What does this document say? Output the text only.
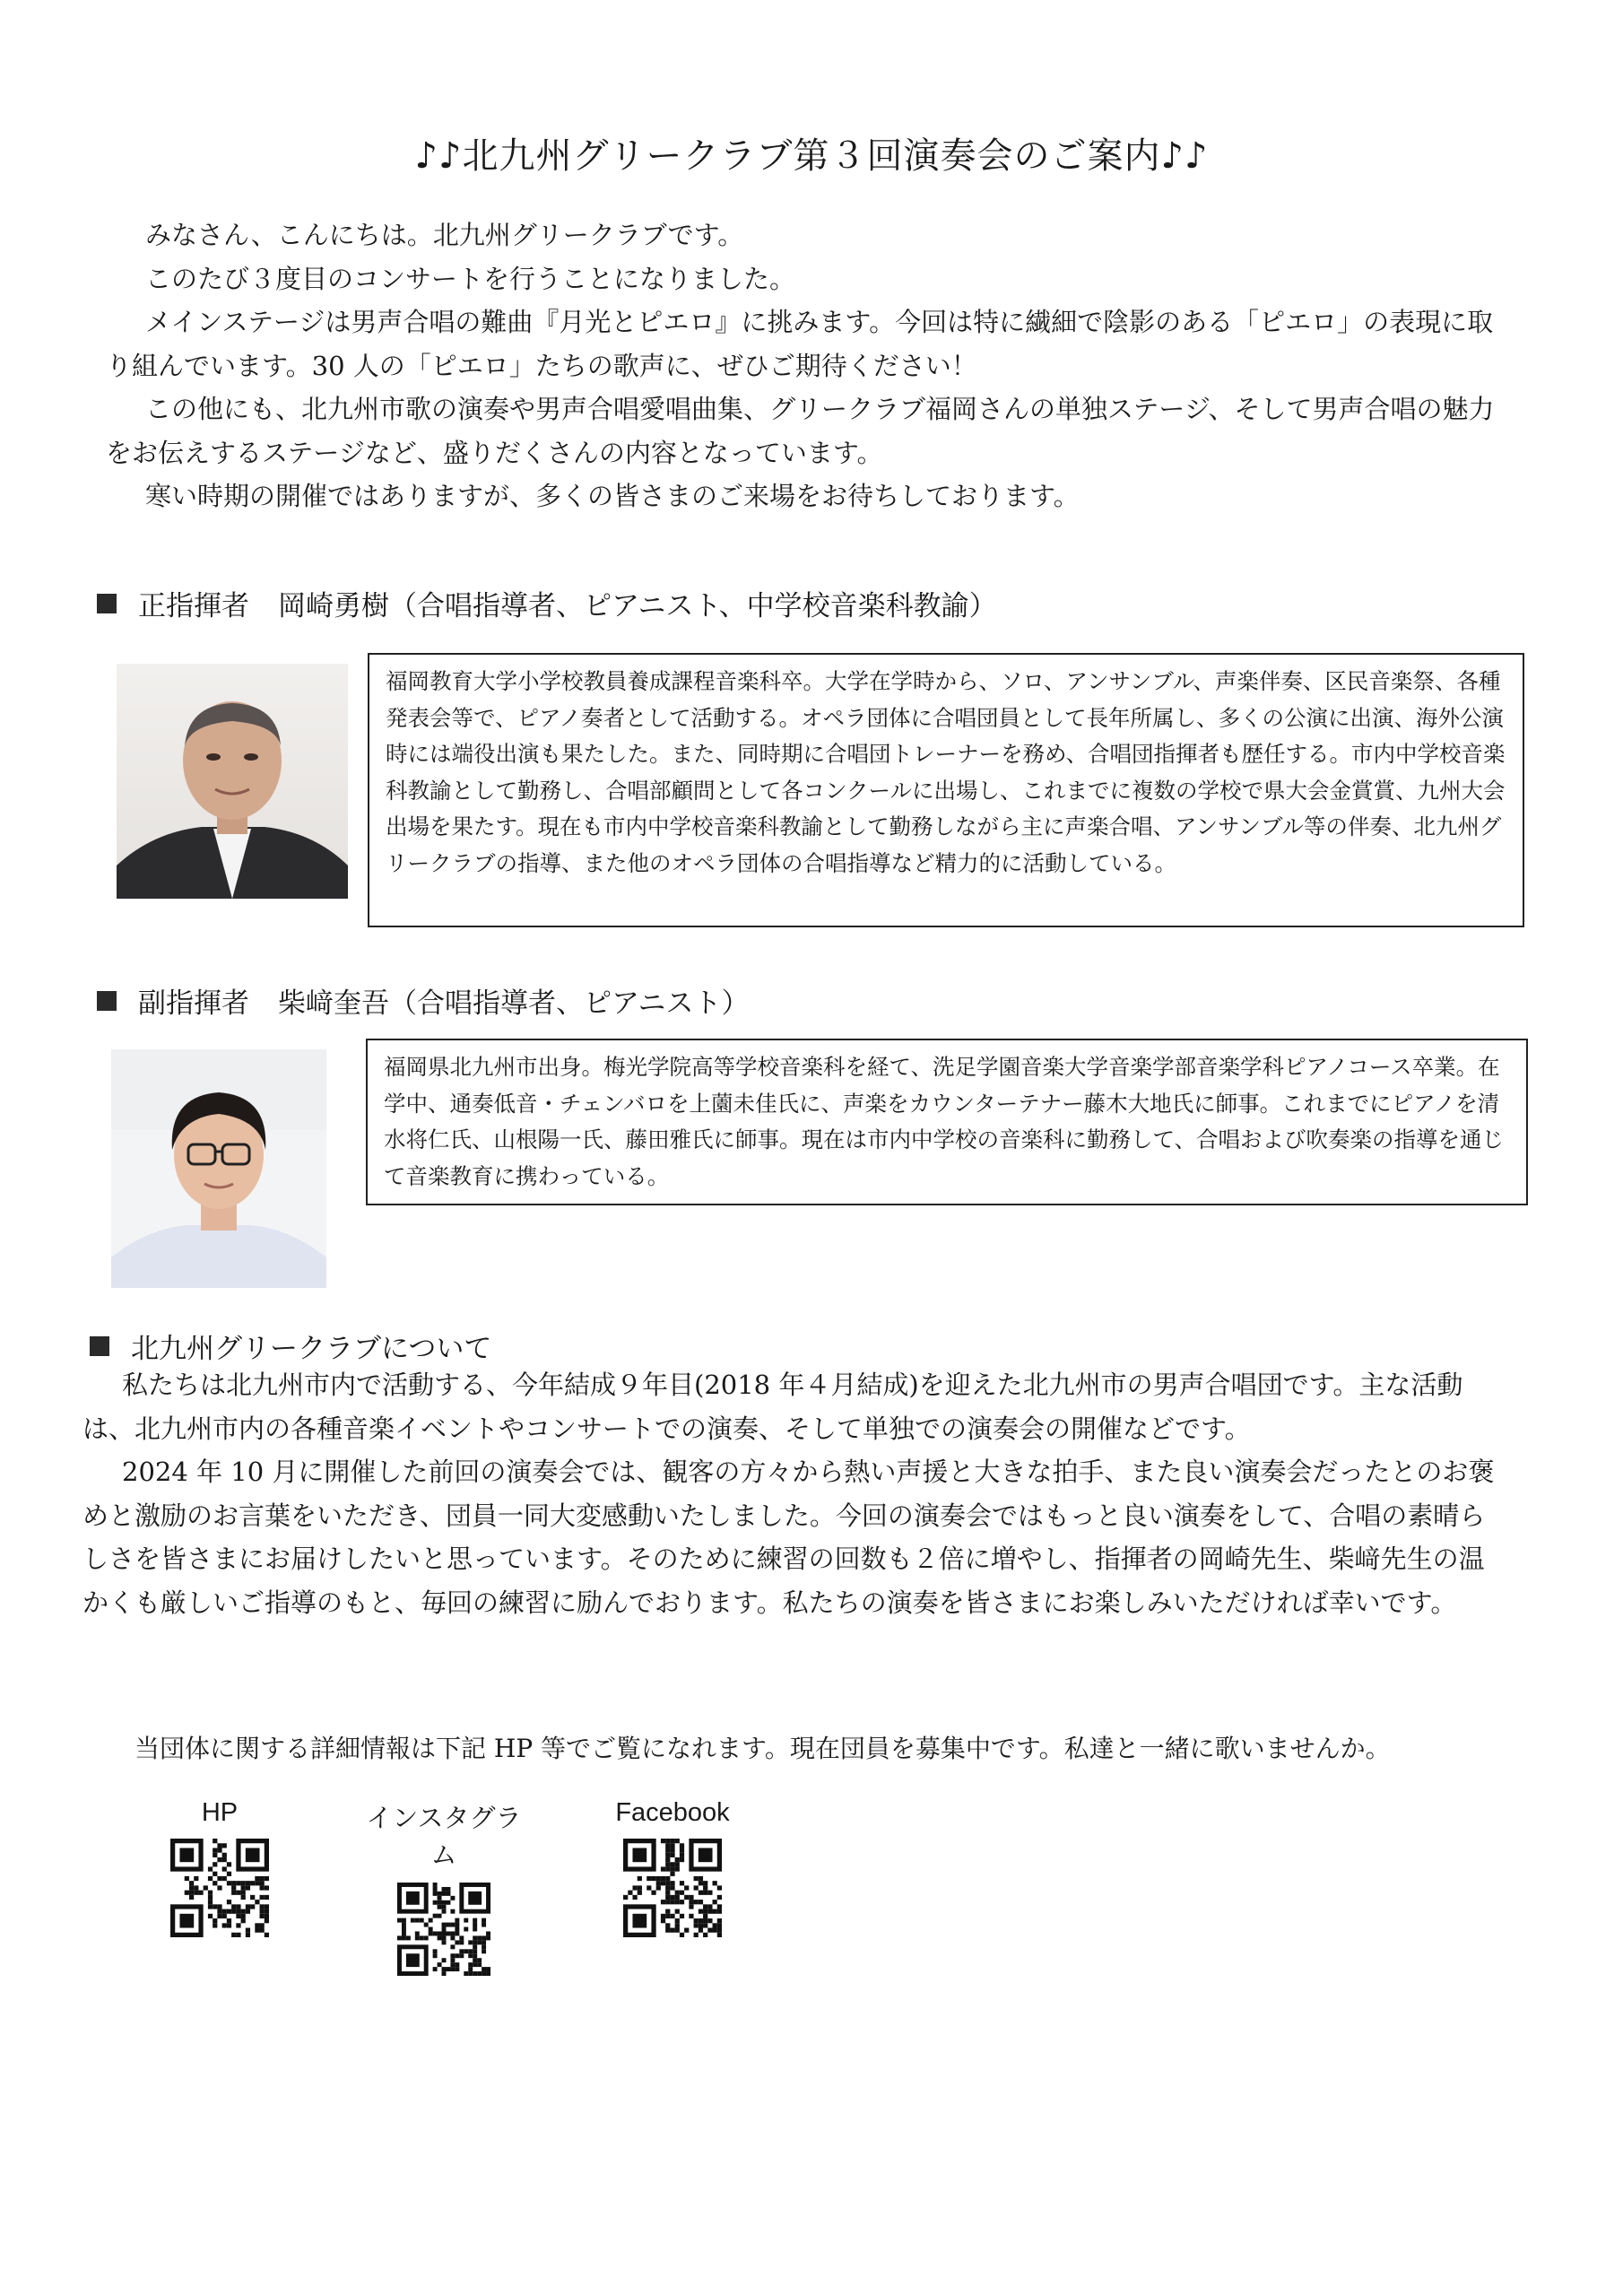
♪♪北九州グリークラブ第３回演奏会のご案内♪♪

みなさん、こんにちは。北九州グリークラブです。

このたび３度目のコンサートを行うことになりました。

メインステージは男声合唱の難曲『月光とピエロ』に挑みます。今回は特に繊細で陰影のある「ピエロ」の表現に取り組んでいます。30 人の「ピエロ」たちの歌声に、ぜひご期待ください！

この他にも、北九州市歌の演奏や男声合唱愛唱曲集、グリークラブ福岡さんの単独ステージ、そして男声合唱の魅力をお伝えするステージなど、盛りだくさんの内容となっています。

寒い時期の開催ではありますが、多くの皆さまのご来場をお待ちしております。

正指揮者 岡崎勇樹（合唱指導者、ピアニスト、中学校音楽科教諭）

福岡教育大学小学校教員養成課程音楽科卒。大学在学時から、ソロ、アンサンブル、声楽伴奏、区民音楽祭、各種発表会等で、ピアノ奏者として活動する。オペラ団体に合唱団員として長年所属し、多くの公演に出演、海外公演時には端役出演も果たした。また、同時期に合唱団トレーナーを務め、合唱団指揮者も歴任する。市内中学校音楽科教諭として勤務し、合唱部顧問として各コンクールに出場し、これまでに複数の学校で県大会金賞賞、九州大会出場を果たす。現在も市内中学校音楽科教諭として勤務しながら主に声楽合唱、アンサンブル等の伴奏、北九州グリークラブの指導、また他のオペラ団体の合唱指導など精力的に活動している。

副指揮者 柴﨑奎吾（合唱指導者、ピアニスト）

福岡県北九州市出身。梅光学院高等学校音楽科を経て、洗足学園音楽大学音楽学部音楽学科ピアノコース卒業。在学中、通奏低音・チェンバロを上薗未佳氏に、声楽をカウンターテナー藤木大地氏に師事。これまでにピアノを清水将仁氏、山根陽一氏、藤田雅氏に師事。現在は市内中学校の音楽科に勤務して、合唱および吹奏楽の指導を通じて音楽教育に携わっている。

北九州グリークラブについて

私たちは北九州市内で活動する、今年結成９年目(2018 年４月結成)を迎えた北九州市の男声合唱団です。主な活動は、北九州市内の各種音楽イベントやコンサートでの演奏、そして単独での演奏会の開催などです。

2024 年 10 月に開催した前回の演奏会では、観客の方々から熱い声援と大きな拍手、また良い演奏会だったとのお褒めと激励のお言葉をいただき、団員一同大変感動いたしました。今回の演奏会ではもっと良い演奏をして、合唱の素晴らしさを皆さまにお届けしたいと思っています。そのために練習の回数も２倍に増やし、指揮者の岡崎先生、柴﨑先生の温かくも厳しいご指導のもと、毎回の練習に励んでおります。私たちの演奏を皆さまにお楽しみいただければ幸いです。

当団体に関する詳細情報は下記 HP 等でご覧になれます。現在団員を募集中です。私達と一緒に歌いませんか。
HP	インスタグラム
Facebook
